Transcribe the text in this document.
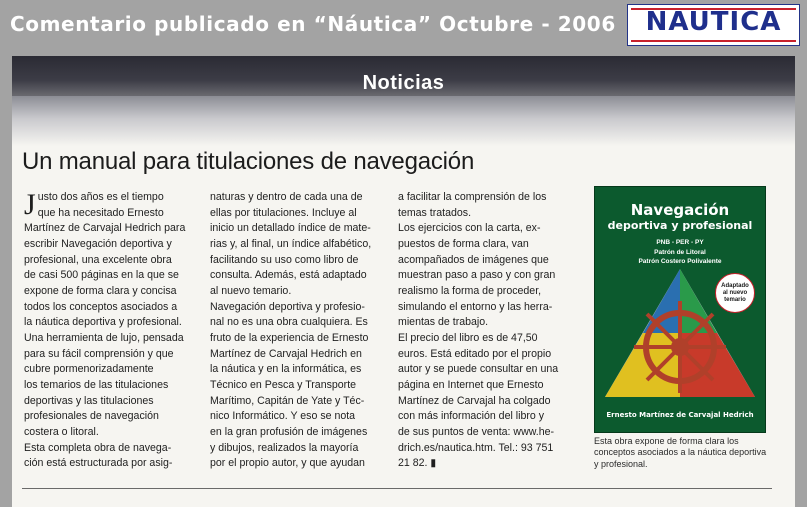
Comentario publicado en “Náutica” Octubre - 2006	NAUTICA
Noticias
Un manual para titulaciones de navegación
J usto dos años es el tiempo

que ha necesitado Ernesto

Martínez de Carvajal Hedrich para

escribir Navegación deportiva y

profesional, una excelente obra

de casi 500 páginas en la que se

expone de forma clara y concisa

todos los conceptos asociados a

la náutica deportiva y profesional.

Una herramienta de lujo, pensada

para su fácil comprensión y que

cubre pormenorizadamente

los temarios de las titulaciones

deportivas y las titulaciones

profesionales de navegación

costera o litoral.

Esta completa obra de navega-

ción está estructurada por asig-

naturas y dentro de cada una de

ellas por titulaciones. Incluye al

inicio un detallado índice de mate-

rias y, al final, un índice alfabético,

facilitando su uso como libro de

consulta. Además, está adaptado

al nuevo temario.

Navegación deportiva y profesio-

nal no es una obra cualquiera. Es

fruto de la experiencia de Ernesto

Martínez de Carvajal Hedrich en

la náutica y en la informática, es

Técnico en Pesca y Transporte

Marítimo, Capitán de Yate y Téc-

nico Informático. Y eso se nota

en la gran profusión de imágenes

y dibujos, realizados la mayoría

por el propio autor, y que ayudan

a facilitar la comprensión de los

temas tratados.

Los ejercicios con la carta, ex-

puestos de forma clara, van

acompañados de imágenes que

muestran paso a paso y con gran

realismo la forma de proceder,

simulando el entorno y las herra-

mientas de trabajo.

El precio del libro es de 47,50

euros. Está editado por el propio

autor y se puede consultar en una

página en Internet que Ernesto

Martínez de Carvajal ha colgado

con más información del libro y

de sus puntos de venta: www.he-

drich.es/nautica.htm. Tel.: 93 751

21 82. ▮

Navegación
deportiva y profesional
PNB - PER - PY
Patrón de Litoral
Patrón Costero Polivalente
Adaptado al nuevo temario
Ernesto Martínez de Carvajal Hedrich
Esta obra expone de forma clara los conceptos asociados a la náutica deportiva y profesional.
